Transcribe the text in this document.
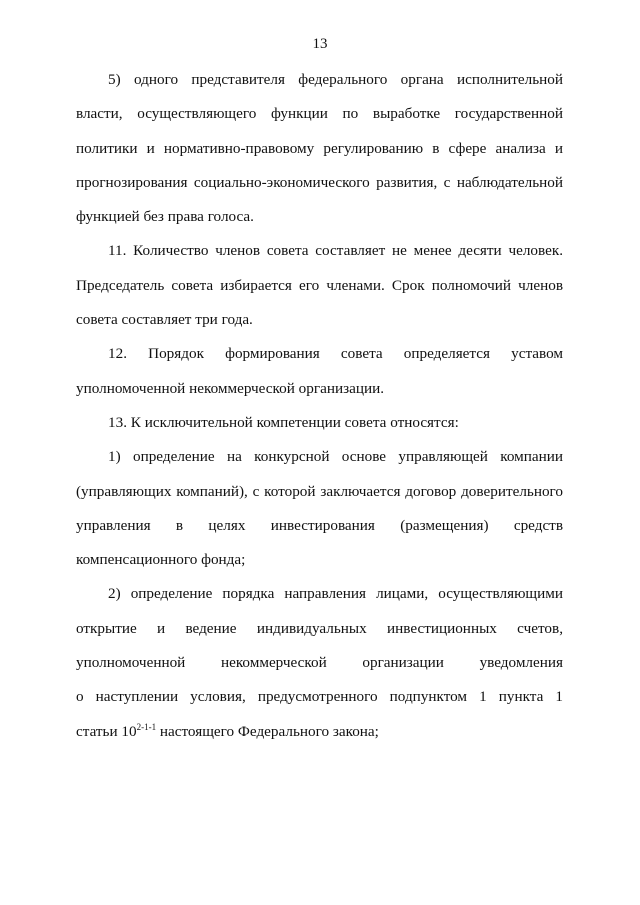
13
5) одного представителя федерального органа исполнительной
власти, осуществляющего функции по выработке государственной
политики и нормативно-правовому регулированию в сфере анализа и
прогнозирования социально-экономического развития, с наблюдательной
функцией без права голоса.
11. Количество членов совета составляет не менее десяти человек.
Председатель совета избирается его членами. Срок полномочий членов
совета составляет три года.
12. Порядок формирования совета определяется уставом
уполномоченной некоммерческой организации.
13. К исключительной компетенции совета относятся:
1) определение на конкурсной основе управляющей компании
(управляющих компаний), с которой заключается договор доверительного
управления в целях инвестирования (размещения) средств
компенсационного фонда;
2) определение порядка направления лицами, осуществляющими
открытие и ведение индивидуальных инвестиционных счетов,
уполномоченной некоммерческой организации уведомления
о наступлении условия, предусмотренного подпунктом 1 пункта 1
статьи 10$^{2-1-1}$ настоящего Федерального закона;
